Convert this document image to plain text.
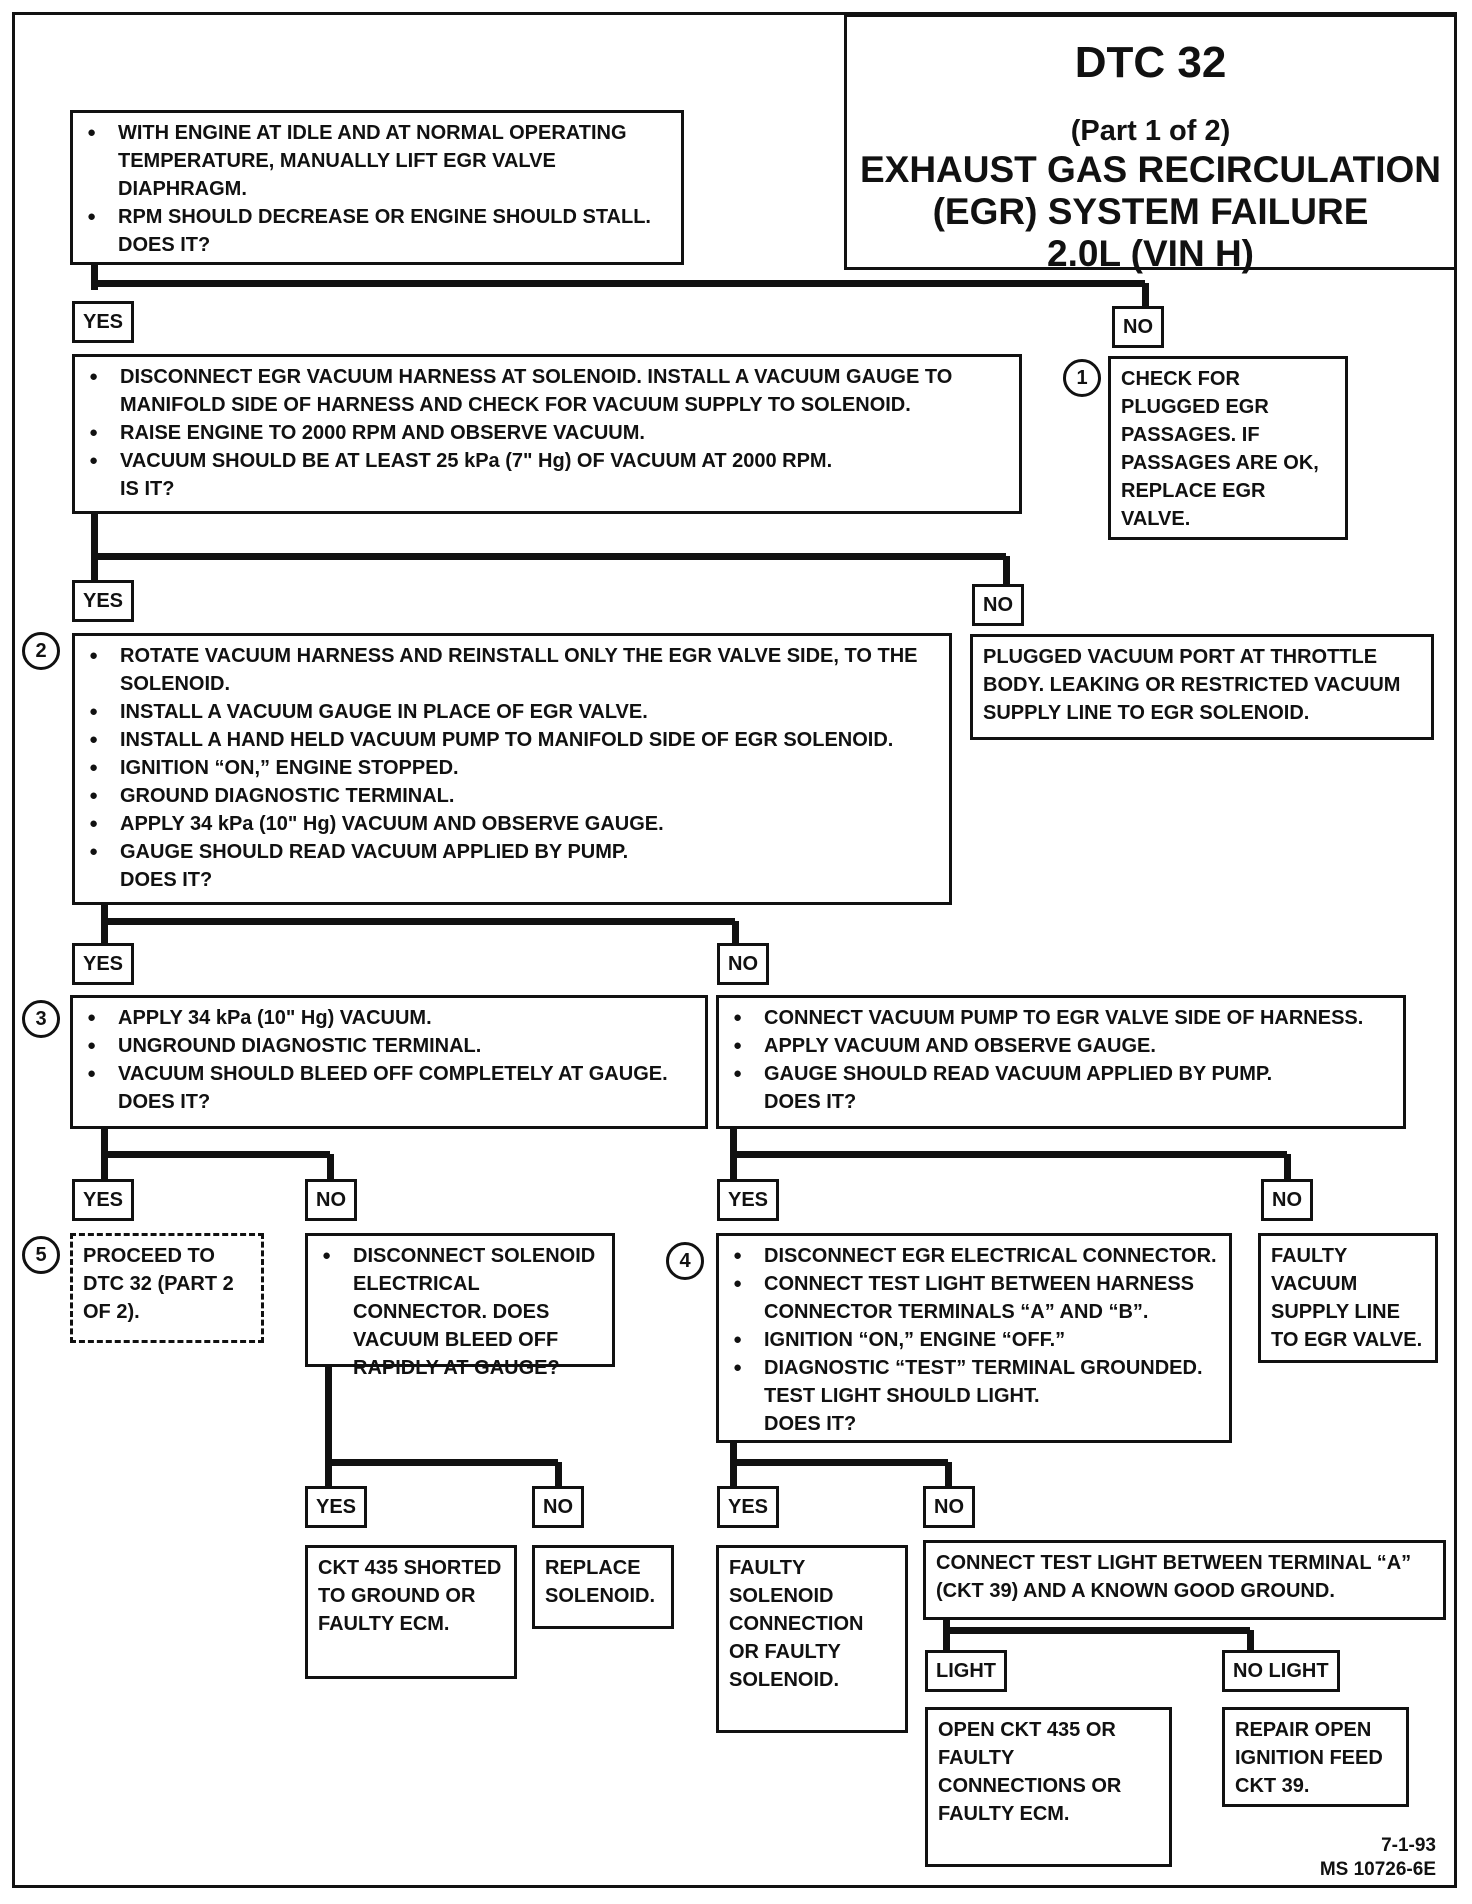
DTC 32
(Part 1 of 2)
EXHAUST GAS RECIRCULATION
(EGR) SYSTEM FAILURE
2.0L (VIN H)
● WITH ENGINE AT IDLE AND AT NORMAL OPERATING TEMPERATURE, MANUALLY LIFT EGR VALVE DIAPHRAGM.
● RPM SHOULD DECREASE OR ENGINE SHOULD STALL.
DOES IT?
YES	NO
● DISCONNECT EGR VACUUM HARNESS AT SOLENOID. INSTALL A VACUUM GAUGE TO MANIFOLD SIDE OF HARNESS AND CHECK FOR VACUUM SUPPLY TO SOLENOID.
● RAISE ENGINE TO 2000 RPM AND OBSERVE VACUUM.
● VACUUM SHOULD BE AT LEAST 25 kPa (7" Hg) OF VACUUM AT 2000 RPM.
IS IT?
1	CHECK FOR PLUGGED EGR PASSAGES. IF PASSAGES ARE OK, REPLACE EGR VALVE.
YES	NO
2	● ROTATE VACUUM HARNESS AND REINSTALL ONLY THE EGR VALVE SIDE, TO THE SOLENOID.
● INSTALL A VACUUM GAUGE IN PLACE OF EGR VALVE.
● INSTALL A HAND HELD VACUUM PUMP TO MANIFOLD SIDE OF EGR SOLENOID.
● IGNITION “ON,” ENGINE STOPPED.
● GROUND DIAGNOSTIC TERMINAL.
● APPLY 34 kPa (10" Hg) VACUUM AND OBSERVE GAUGE.
● GAUGE SHOULD READ VACUUM APPLIED BY PUMP.
DOES IT?
PLUGGED VACUUM PORT AT THROTTLE BODY. LEAKING OR RESTRICTED VACUUM SUPPLY LINE TO EGR SOLENOID.
YES	NO
3	● APPLY 34 kPa (10" Hg) VACUUM.
● UNGROUND DIAGNOSTIC TERMINAL.
● VACUUM SHOULD BLEED OFF COMPLETELY AT GAUGE.
DOES IT?
● CONNECT VACUUM PUMP TO EGR VALVE SIDE OF HARNESS.
● APPLY VACUUM AND OBSERVE GAUGE.
● GAUGE SHOULD READ VACUUM APPLIED BY PUMP.
DOES IT?
YES	NO	YES	NO
5	PROCEED TO DTC 32 (PART 2 OF 2).
● DISCONNECT SOLENOID ELECTRICAL CONNECTOR. DOES VACUUM BLEED OFF RAPIDLY AT GAUGE?
4	● DISCONNECT EGR ELECTRICAL CONNECTOR.
● CONNECT TEST LIGHT BETWEEN HARNESS CONNECTOR TERMINALS “A” AND “B”.
● IGNITION “ON,” ENGINE “OFF.”
● DIAGNOSTIC “TEST” TERMINAL GROUNDED. TEST LIGHT SHOULD LIGHT.
DOES IT?
FAULTY VACUUM SUPPLY LINE TO EGR VALVE.
YES	NO	YES	NO
CKT 435 SHORTED TO GROUND OR FAULTY ECM.
REPLACE SOLENOID.
FAULTY SOLENOID CONNECTION OR FAULTY SOLENOID.
CONNECT TEST LIGHT BETWEEN TERMINAL “A” (CKT 39) AND A KNOWN GOOD GROUND.
LIGHT	NO LIGHT
OPEN CKT 435 OR FAULTY CONNECTIONS OR FAULTY ECM.
REPAIR OPEN IGNITION FEED CKT 39.
7-1-93
MS 10726-6E
